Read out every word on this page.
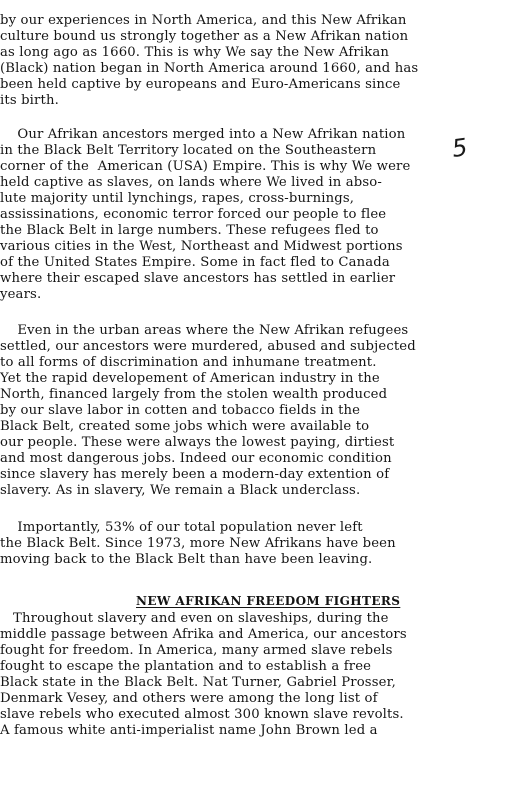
by our experiences in North America, and this New Afrikan
culture bound us strongly together as a New Afrikan nation
as long ago as 1660. This is why We say the New Afrikan
(Black) nation began in North America around 1660, and has
been held captive by europeans and Euro-Americans since
its birth.
5
Our Afrikan ancestors merged into a New Afrikan nation
in the Black Belt Territory located on the Southeastern
corner of the  American (USA) Empire. This is why We were
held captive as slaves, on lands where We lived in abso-
lute majority until lynchings, rapes, cross-burnings,
assissinations, economic terror forced our people to flee
the Black Belt in large numbers. These refugees fled to
various cities in the West, Northeast and Midwest portions
of the United States Empire. Some in fact fled to Canada
where their escaped slave ancestors has settled in earlier
years.
Even in the urban areas where the New Afrikan refugees
settled, our ancestors were murdered, abused and subjected
to all forms of discrimination and inhumane treatment.
Yet the rapid developement of American industry in the
North, financed largely from the stolen wealth produced
by our slave labor in cotten and tobacco fields in the
Black Belt, created some jobs which were available to
our people. These were always the lowest paying, dirtiest
and most dangerous jobs. Indeed our economic condition
since slavery has merely been a modern-day extention of
slavery. As in slavery, We remain a Black underclass.
Importantly, 53% of our total population never left
the Black Belt. Since 1973, more New Afrikans have been
moving back to the Black Belt than have been leaving.
NEW AFRIKAN FREEDOM FIGHTERS
Throughout slavery and even on slaveships, during the
middle passage between Afrika and America, our ancestors
fought for freedom. In America, many armed slave rebels
fought to escape the plantation and to establish a free
Black state in the Black Belt. Nat Turner, Gabriel Prosser,
Denmark Vesey, and others were among the long list of
slave rebels who executed almost 300 known slave revolts.
A famous white anti-imperialist name John Brown led a
